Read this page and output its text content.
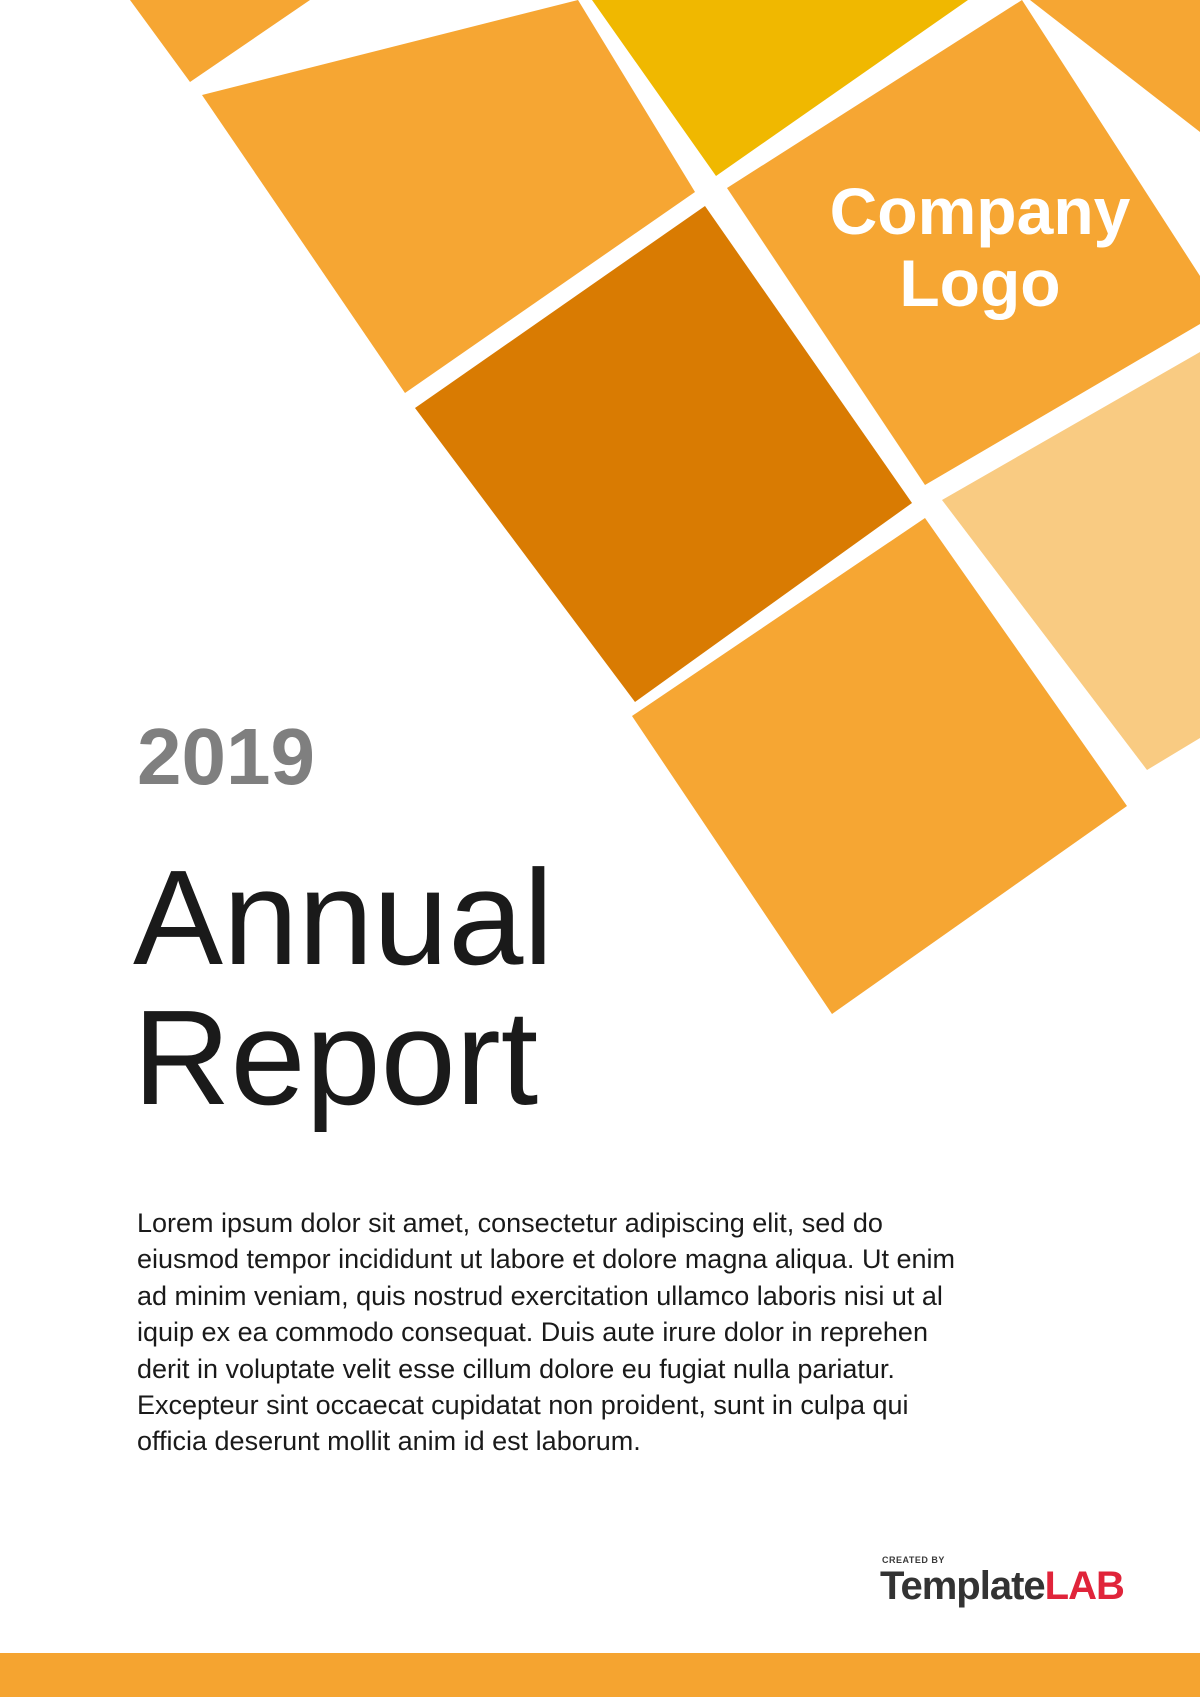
Company
Logo
2019
Annual
Report
Lorem ipsum dolor sit amet, consectetur adipiscing elit, sed do
eiusmod tempor incididunt ut labore et dolore magna aliqua. Ut enim
ad minim veniam, quis nostrud exercitation ullamco laboris nisi ut al
iquip ex ea commodo consequat. Duis aute irure dolor in reprehen
derit in voluptate velit esse cillum dolore eu fugiat nulla pariatur.
Excepteur sint occaecat cupidatat non proident, sunt in culpa qui
officia deserunt mollit anim id est laborum.
CREATED BY
TemplateLAB
